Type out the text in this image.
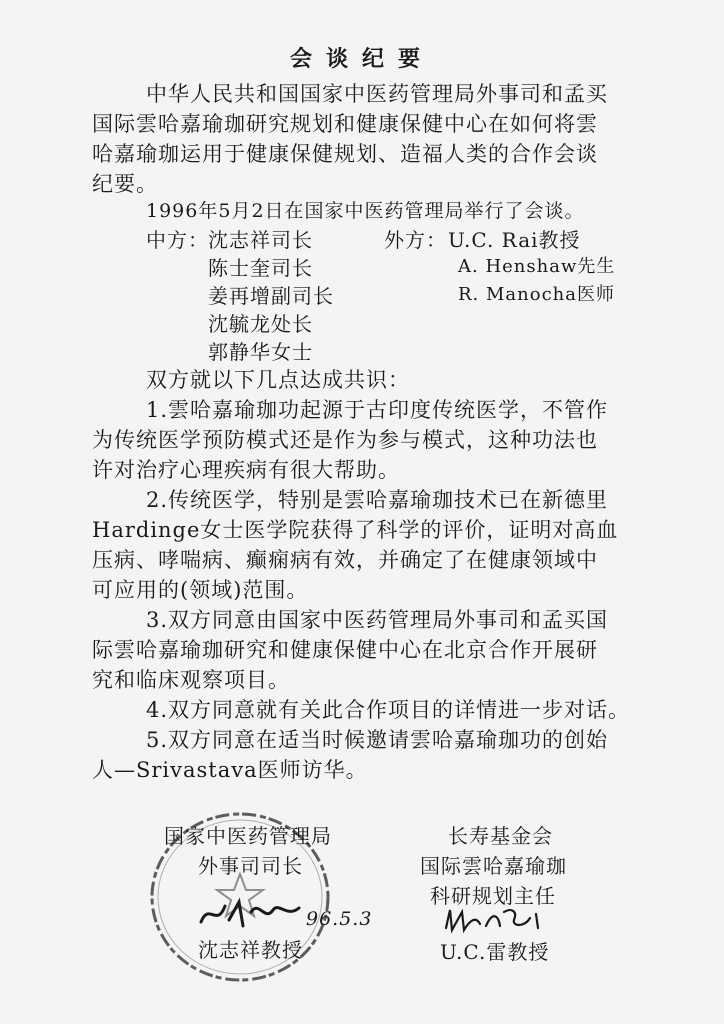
会谈纪要
中华人民共和国国家中医药管理局外事司和孟买
国际雲哈嘉瑜珈研究规划和健康保健中心在如何将雲
哈嘉瑜珈运用于健康保健规划、造福人类的合作会谈
纪要。
1996年5月2日在国家中医药管理局举行了会谈。
中方： 沈志祥司长
陈士奎司长
姜再增副司长
沈毓龙处长
郭静华女士
外方： U.C. Rai教授
A. Henshaw先生
R. Manocha医师
双方就以下几点达成共识：
1.雲哈嘉瑜珈功起源于古印度传统医学，不管作
为传统医学预防模式还是作为参与模式，这种功法也
许对治疗心理疾病有很大帮助。
2.传统医学，特别是雲哈嘉瑜珈技术已在新德里
Hardinge女士医学院获得了科学的评价，证明对高血
压病、哮喘病、癫痫病有效，并确定了在健康领域中
可应用的(领域)范围。
3.双方同意由国家中医药管理局外事司和孟买国
际雲哈嘉瑜珈研究和健康保健中心在北京合作开展研
究和临床观察项目。
4.双方同意就有关此合作项目的详情进一步对话。
5.双方同意在适当时候邀请雲哈嘉瑜珈功的创始
人—Srivastava医师访华。
国家中医药管理局
外事司司长
96.5.3
沈志祥教授
长寿基金会
国际雲哈嘉瑜珈
科研规划主任
U.C.雷教授
